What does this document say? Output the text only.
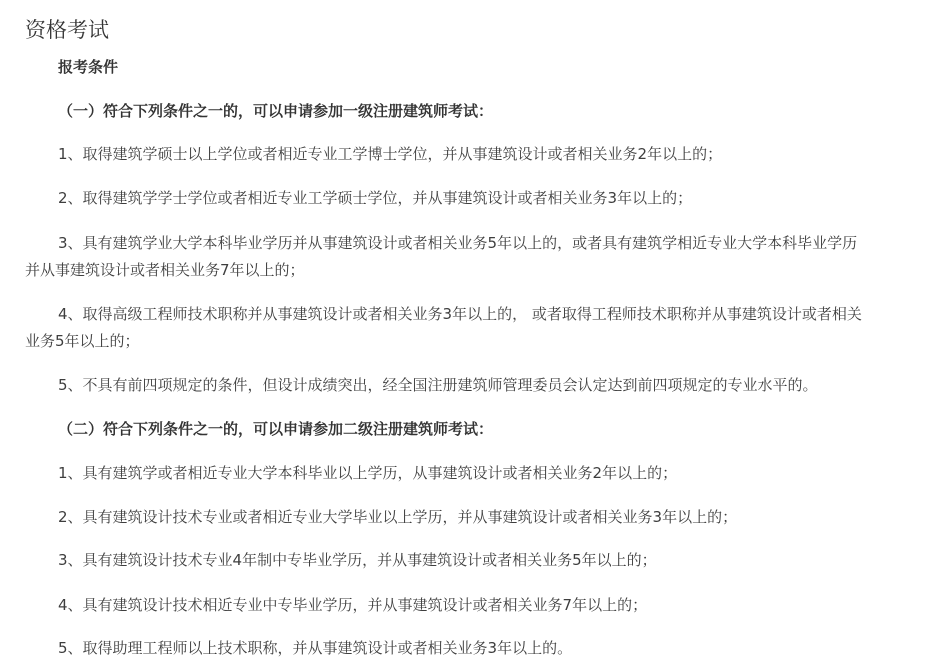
资格考试
报考条件
（一）符合下列条件之一的，可以申请参加一级注册建筑师考试：
1、取得建筑学硕士以上学位或者相近专业工学博士学位，并从事建筑设计或者相关业务2年以上的；
2、取得建筑学学士学位或者相近专业工学硕士学位，并从事建筑设计或者相关业务3年以上的；
3、具有建筑学业大学本科毕业学历并从事建筑设计或者相关业务5年以上的，或者具有建筑学相近专业大学本科毕业学历
并从事建筑设计或者相关业务7年以上的；
4、取得高级工程师技术职称并从事建筑设计或者相关业务3年以上的， 或者取得工程师技术职称并从事建筑设计或者相关
业务5年以上的；
5、不具有前四项规定的条件，但设计成绩突出，经全国注册建筑师管理委员会认定达到前四项规定的专业水平的。
（二）符合下列条件之一的，可以申请参加二级注册建筑师考试：
1、具有建筑学或者相近专业大学本科毕业以上学历，从事建筑设计或者相关业务2年以上的；
2、具有建筑设计技术专业或者相近专业大学毕业以上学历，并从事建筑设计或者相关业务3年以上的；
3、具有建筑设计技术专业4年制中专毕业学历，并从事建筑设计或者相关业务5年以上的；
4、具有建筑设计技术相近专业中专毕业学历，并从事建筑设计或者相关业务7年以上的；
5、取得助理工程师以上技术职称，并从事建筑设计或者相关业务3年以上的。
